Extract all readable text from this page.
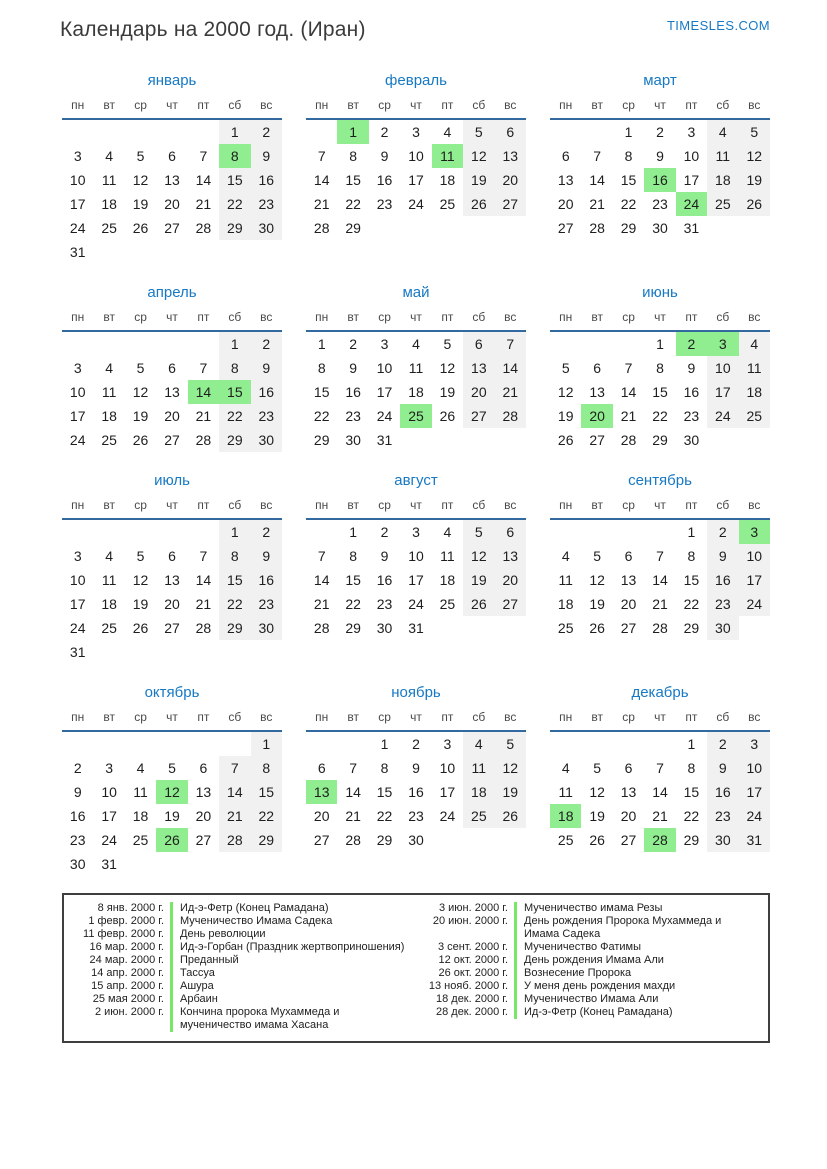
Календарь на 2000 год. (Иран)	TIMESLES.COM
январь
пн	вт	ср	чт	пт	сб	вс
					1	2
3	4	5	6	7	8	9
10	11	12	13	14	15	16
17	18	19	20	21	22	23
24	25	26	27	28	29	30
31						
февраль
пн	вт	ср	чт	пт	сб	вс
	1	2	3	4	5	6
7	8	9	10	11	12	13
14	15	16	17	18	19	20
21	22	23	24	25	26	27
28	29					
март
пн	вт	ср	чт	пт	сб	вс
		1	2	3	4	5
6	7	8	9	10	11	12
13	14	15	16	17	18	19
20	21	22	23	24	25	26
27	28	29	30	31		
апрель
пн	вт	ср	чт	пт	сб	вс
					1	2
3	4	5	6	7	8	9
10	11	12	13	14	15	16
17	18	19	20	21	22	23
24	25	26	27	28	29	30
май
пн	вт	ср	чт	пт	сб	вс
1	2	3	4	5	6	7
8	9	10	11	12	13	14
15	16	17	18	19	20	21
22	23	24	25	26	27	28
29	30	31				
июнь
пн	вт	ср	чт	пт	сб	вс
			1	2	3	4
5	6	7	8	9	10	11
12	13	14	15	16	17	18
19	20	21	22	23	24	25
26	27	28	29	30		
июль
пн	вт	ср	чт	пт	сб	вс
					1	2
3	4	5	6	7	8	9
10	11	12	13	14	15	16
17	18	19	20	21	22	23
24	25	26	27	28	29	30
31						
август
пн	вт	ср	чт	пт	сб	вс
	1	2	3	4	5	6
7	8	9	10	11	12	13
14	15	16	17	18	19	20
21	22	23	24	25	26	27
28	29	30	31			
сентябрь
пн	вт	ср	чт	пт	сб	вс
				1	2	3
4	5	6	7	8	9	10
11	12	13	14	15	16	17
18	19	20	21	22	23	24
25	26	27	28	29	30	
октябрь
пн	вт	ср	чт	пт	сб	вс
						1
2	3	4	5	6	7	8
9	10	11	12	13	14	15
16	17	18	19	20	21	22
23	24	25	26	27	28	29
30	31					
ноябрь
пн	вт	ср	чт	пт	сб	вс
		1	2	3	4	5
6	7	8	9	10	11	12
13	14	15	16	17	18	19
20	21	22	23	24	25	26
27	28	29	30			
декабрь
пн	вт	ср	чт	пт	сб	вс
				1	2	3
4	5	6	7	8	9	10
11	12	13	14	15	16	17
18	19	20	21	22	23	24
25	26	27	28	29	30	31
8 янв. 2000 г.	Ид-э-Фетр (Конец Рамадана)
1 февр. 2000 г.	Мученичество Имама Садека
11 февр. 2000 г.	День революции
16 мар. 2000 г.	Ид-э-Горбан (Праздник жертвоприношения)
24 мар. 2000 г.	Преданный
14 апр. 2000 г.	Тассуа
15 апр. 2000 г.	Ашура
25 мая 2000 г.	Арбаин
2 июн. 2000 г.	Кончина пророка Мухаммеда и мученичество имама Хасана
3 июн. 2000 г.	Мученичество имама Резы
20 июн. 2000 г.	День рождения Пророка Мухаммеда и Имама Садека
3 сент. 2000 г.	Мученичество Фатимы
12 окт. 2000 г.	День рождения Имама Али
26 окт. 2000 г.	Вознесение Пророка
13 нояб. 2000 г.	У меня день рождения махди
18 дек. 2000 г.	Мученичество Имама Али
28 дек. 2000 г.	Ид-э-Фетр (Конец Рамадана)
